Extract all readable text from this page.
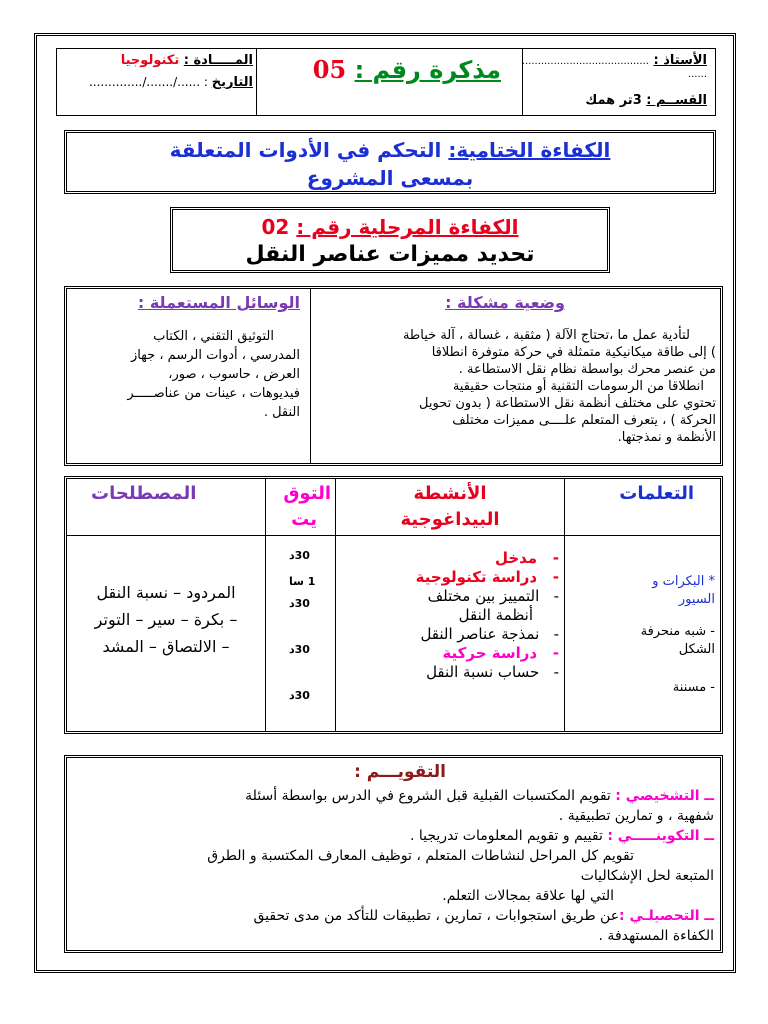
المـــــادة : تكنولوجيا
التاريخ : ....../......./..............	مذكرة رقم : 05	الأستاذ : ........................................
......
القســم : 3تر همك
الكفاءة الختامية: التحكم في الأدوات المتعلقة
بمسعى المشروع
الكفاءة المرحلية رقم : 02
تحديد مميزات عناصر النقل
وضعية مشكلة :
لتأدية عمل ما ،تحتاج الآلة ( مثقبة ، غسالة ، آلة خياطة
) إلى طاقة ميكانيكية متمثلة في حركة متوفرة انطلاقا
من عنصر محرك بواسطة نظام نقل الاستطاعة .
انطلاقا من الرسومات التقنية أو منتجات حقيقية
تحتوي على مختلف أنظمة نقل الاستطاعة ( بدون تحويل
الحركة ) ، يتعرف المتعلم علــــى مميزات مختلف
الأنظمة و نمذجتها.
الوسائل المستعملة :
التوثيق التقني ، الكتاب
المدرسي ، أدوات الرسم ، جهاز
العرض ، حاسوب ، صور،
فيديوهات ، عينات من عناصـــــر
النقل .
التعلمات
الأنشطة
البيداغوجية
التوق
يت
المصطلحات
* البكرات و
السيور
- شبه منحرفة
الشكل
- مسننة
-   مدخل
-   دراسة تكنولوجية
-   التمييز بين مختلف
أنظمة النقل
-   نمذجة عناصر النقل
-   دراسة حركية
-   حساب نسبة النقل
30د
1 سا
30د
30د
30د
المردود – نسبة النقل
– بكرة – سير – التوتر
– الالتصاق – المشد
التقويـــم :
ــ التشخيصي : تقويم المكتسبات القبلية قبل الشروع في الدرس بواسطة أسئلة
شفهية ، و تمارين تطبيقية .
ــ التكوينـــــي : تقييم و تقويم المعلومات تدريجيا .
تقويم كل المراحل لنشاطات المتعلم ، توظيف المعارف المكتسبة و الطرق
المتبعة لحل الإشكاليات
التي لها علاقة بمجالات التعلم.
ــ التحصيلـي :عن طريق استجوابات ، تمارين ، تطبيقات للتأكد من مدى تحقيق
الكفاءة المستهدفة .
